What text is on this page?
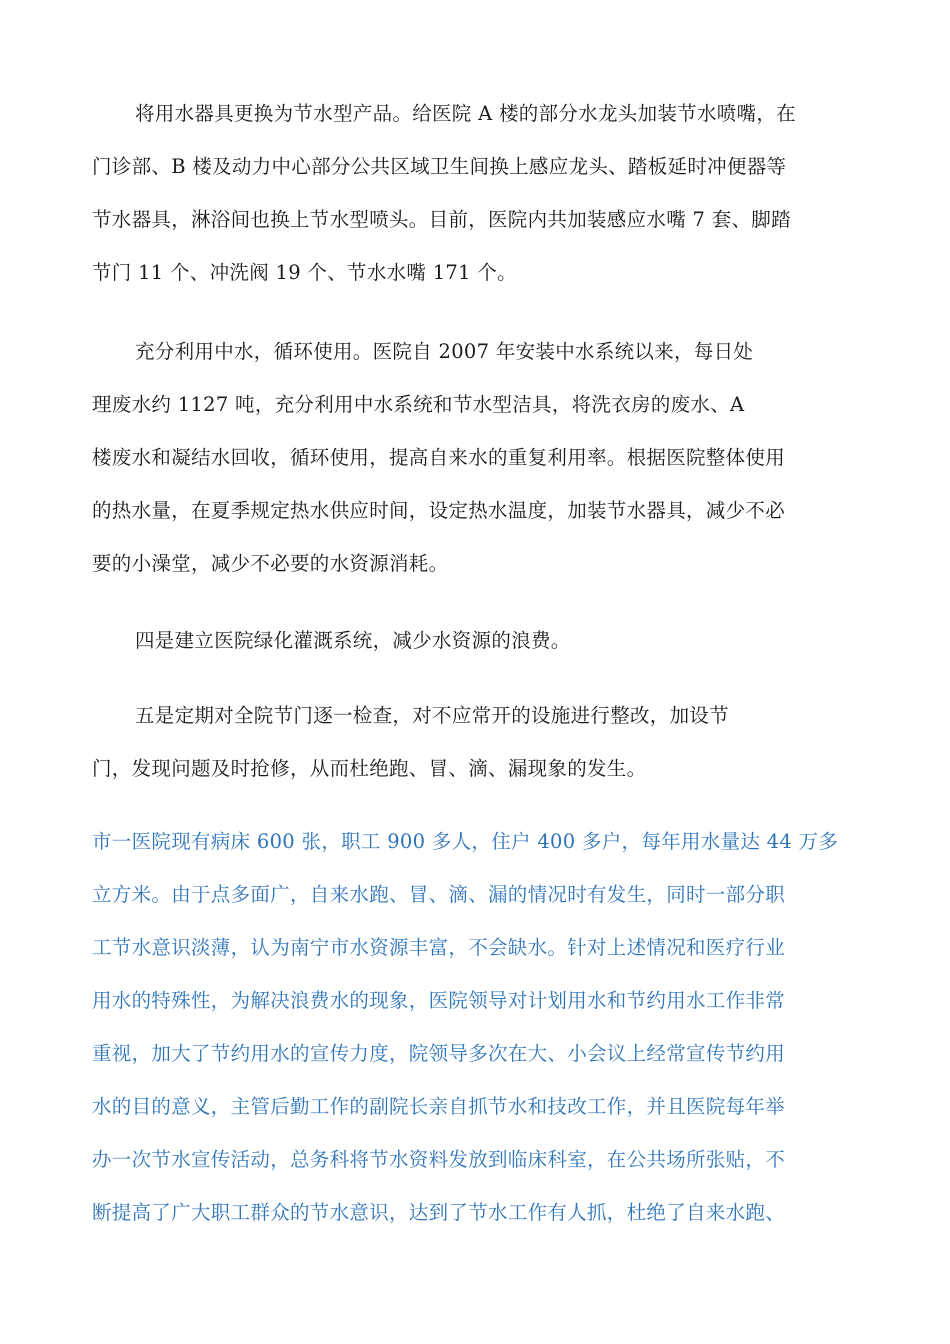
将用水器具更换为节水型产品。给医院 A 楼的部分水龙头加装节水喷嘴，在
门诊部、B 楼及动力中心部分公共区域卫生间换上感应龙头、踏板延时冲便器等
节水器具，淋浴间也换上节水型喷头。目前，医院内共加装感应水嘴 7 套、脚踏
节门 11 个、冲洗阀 19 个、节水水嘴 171 个。
充分利用中水，循环使用。医院自 2007 年安装中水系统以来，每日处
理废水约 1127 吨，充分利用中水系统和节水型洁具，将洗衣房的废水、A
楼废水和凝结水回收，循环使用，提高自来水的重复利用率。根据医院整体使用
的热水量，在夏季规定热水供应时间，设定热水温度，加装节水器具，减少不必
要的小澡堂，减少不必要的水资源消耗。
四是建立医院绿化灌溉系统，减少水资源的浪费。
五是定期对全院节门逐一检查，对不应常开的设施进行整改，加设节
门，发现问题及时抢修，从而杜绝跑、冒、滴、漏现象的发生。
市一医院现有病床 600 张，职工 900 多人，住户 400 多户，每年用水量达 44 万多
立方米。由于点多面广，自来水跑、冒、滴、漏的情况时有发生，同时一部分职
工节水意识淡薄，认为南宁市水资源丰富，不会缺水。针对上述情况和医疗行业
用水的特殊性，为解决浪费水的现象，医院领导对计划用水和节约用水工作非常
重视，加大了节约用水的宣传力度，院领导多次在大、小会议上经常宣传节约用
水的目的意义，主管后勤工作的副院长亲自抓节水和技改工作，并且医院每年举
办一次节水宣传活动，总务科将节水资料发放到临床科室，在公共场所张贴，不
断提高了广大职工群众的节水意识，达到了节水工作有人抓，杜绝了自来水跑、
